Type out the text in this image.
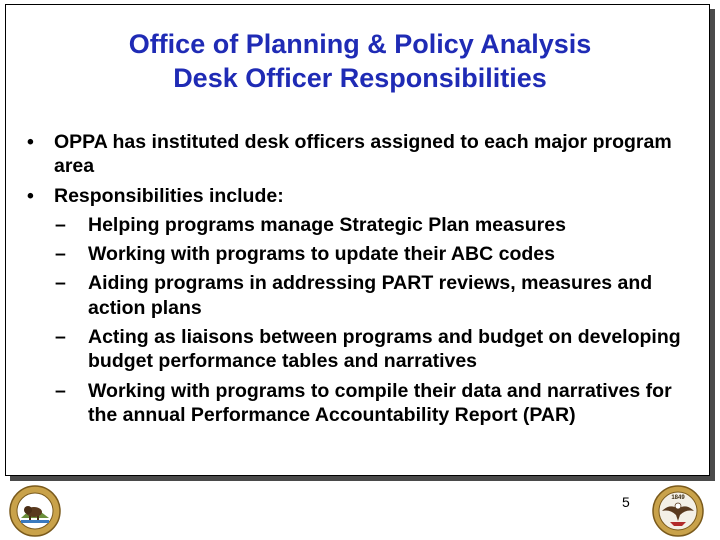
Office of Planning & Policy Analysis
Desk Officer Responsibilities
• OPPA has instituted desk officers assigned to each major program area
• Responsibilities include:
– Helping programs manage Strategic Plan measures
– Working with programs to update their ABC codes
– Aiding programs in addressing PART reviews, measures and action plans
– Acting as liaisons between programs and budget on developing budget performance tables and narratives
– Working with programs to compile their data and narratives for the annual Performance Accountability Report (PAR)
5	1849
